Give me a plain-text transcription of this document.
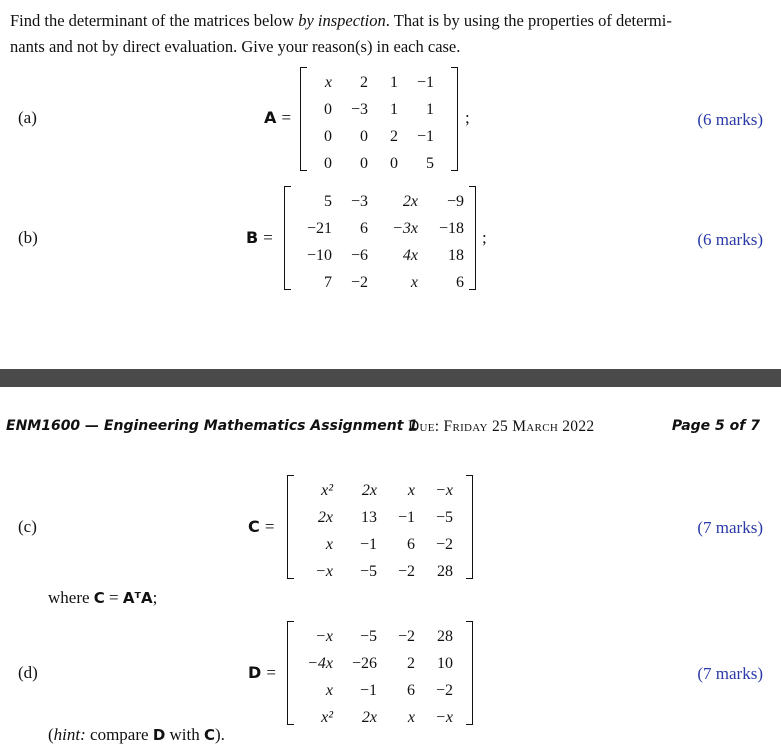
Find the determinant of the matrices below by inspection. That is by using the properties of determi-
nants and not by direct evaluation. Give your reason(s) in each case.
(a)	A =
x	2	1	−1
0	−3	1	1
0	0	2	−1
0	0	0	5
;	(6 marks)
(b)	B =
5	−3	2x	−9
−21	6	−3x	−18
−10	−6	4x	18
7	−2	x	6
;	(6 marks)
ENM1600 — Engineering Mathematics Assignment 1
Due: Friday 25 March 2022	Page 5 of 7
(c)	C =
x²	2x	x	−x
2x	13	−1	−5
x	−1	6	−2
−x	−5	−2	28
(7 marks)
where C = AᵀA;
(d)	D =
−x	−5	−2	28
−4x	−26	2	10
x	−1	6	−2
x²	2x	x	−x
(7 marks)
(hint: compare D with C).
